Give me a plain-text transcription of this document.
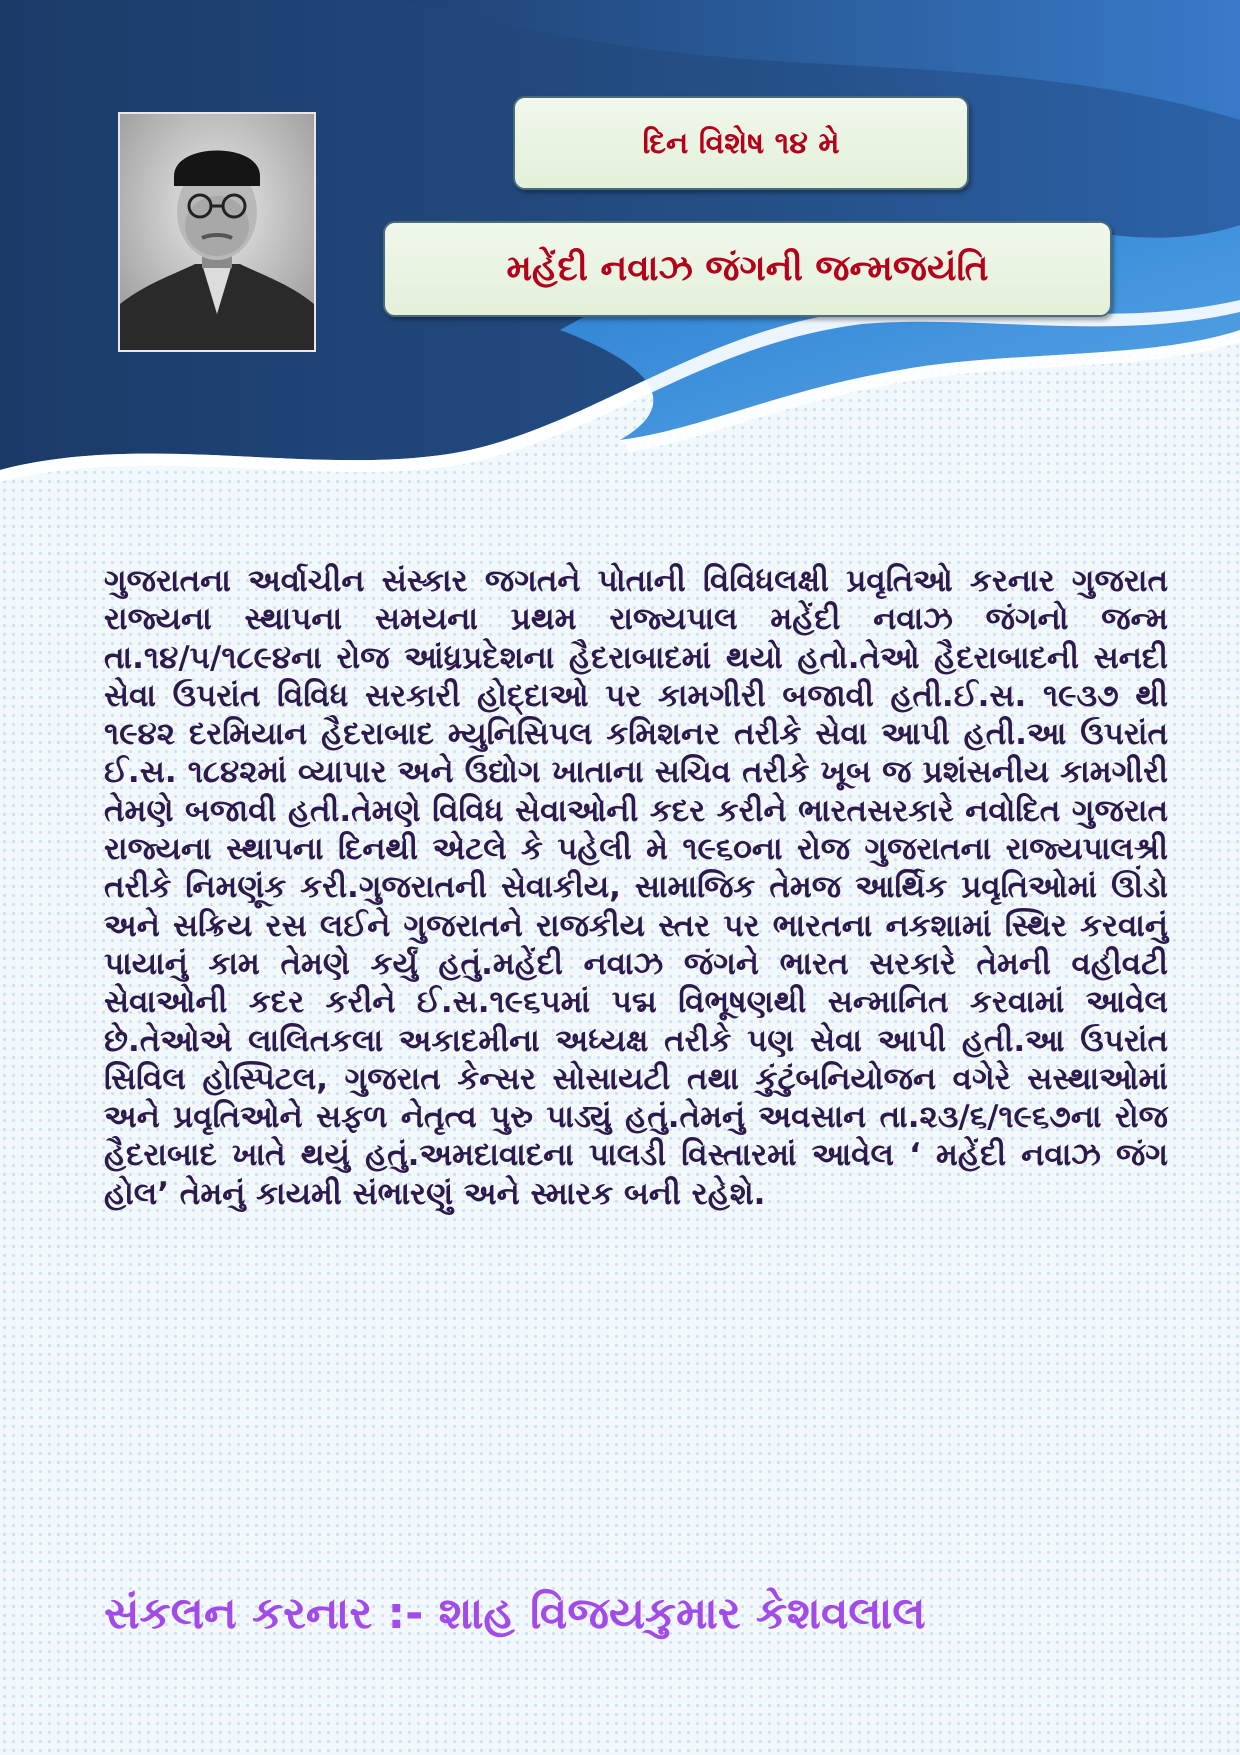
દિન વિશેષ ૧૪ મે
મહેંદી નવાઝ જંગની જન્મજયંતિ

ગુજરાતના અર્વાચીન સંસ્કાર જગતને પોતાની વિવિધલક્ષી પ્રવૃતિઓ કરનાર ગુજરાત રાજ્યના સ્થાપના સમયના પ્રથમ રાજ્યપાલ મહેંદી નવાઝ જંગનો જન્મ તા.૧૪/૫/૧૮૯૪ના રોજ આંધ્રપ્રદેશના હૈદરાબાદમાં થયો હતો.તેઓ હૈદરાબાદની સનદી સેવા ઉપરાંત વિવિધ સરકારી હોદ્દાઓ પર કામગીરી બજાવી હતી.ઈ.સ. ૧૯૩૭ થી ૧૯૪૨ દરમિયાન હૈદરાબાદ મ્યુનિસિપલ કમિશનર તરીકે સેવા આપી હતી.આ ઉપરાંત ઈ.સ. ૧૮૪૨માં વ્યાપાર અને ઉદ્યોગ ખાતાના સચિવ તરીકે ખૂબ જ પ્રશંસનીય કામગીરી તેમણે બજાવી હતી.તેમણે વિવિધ સેવાઓની કદર કરીને ભારતસરકારે નવોદિત ગુજરાત રાજ્યના સ્થાપના દિનથી એટલે કે પહેલી મે ૧૯૬૦ના રોજ ગુજરાતના રાજ્યપાલશ્રી તરીકે નિમણૂંક કરી.ગુજરાતની સેવાકીય, સામાજિક તેમજ આર્થિક પ્રવૃતિઓમાં ઊંડો અને સક્રિય રસ લઈને ગુજરાતને રાજકીય સ્તર પર ભારતના નકશામાં સ્થિર કરવાનું પાયાનું કામ તેમણે કર્યું હતું.મહેંદી નવાઝ જંગને ભારત સરકારે તેમની વહીવટી સેવાઓની કદર કરીને ઈ.સ.૧૯૬૫માં પદ્મ વિભૂષણથી સન્માનિત કરવામાં આવેલ છે.તેઓએ લાલિતકલા અકાદમીના અધ્યક્ષ તરીકે પણ સેવા આપી હતી.આ ઉપરાંત સિવિલ હોસ્પિટલ, ગુજરાત કેન્સર સોસાયટી તથા કુંટુંબનિયોજન વગેરે સસ્થાઓમાં અને પ્રવૃતિઓને સફળ નેતૃત્વ પુરુ પાડ્યું હતું.તેમનું અવસાન તા.૨૩/૬/૧૯૬૭ના રોજ હૈદરાબાદ ખાતે થયું હતું.અમદાવાદના પાલડી વિસ્તારમાં આવેલ ‘ મહેંદી નવાઝ જંગ હોલ’ તેમનું કાયમી સંભારણું અને સ્મારક બની રહેશે.

સંકલન કરનાર :- શાહ વિજયકુમાર કેશવલાલ
